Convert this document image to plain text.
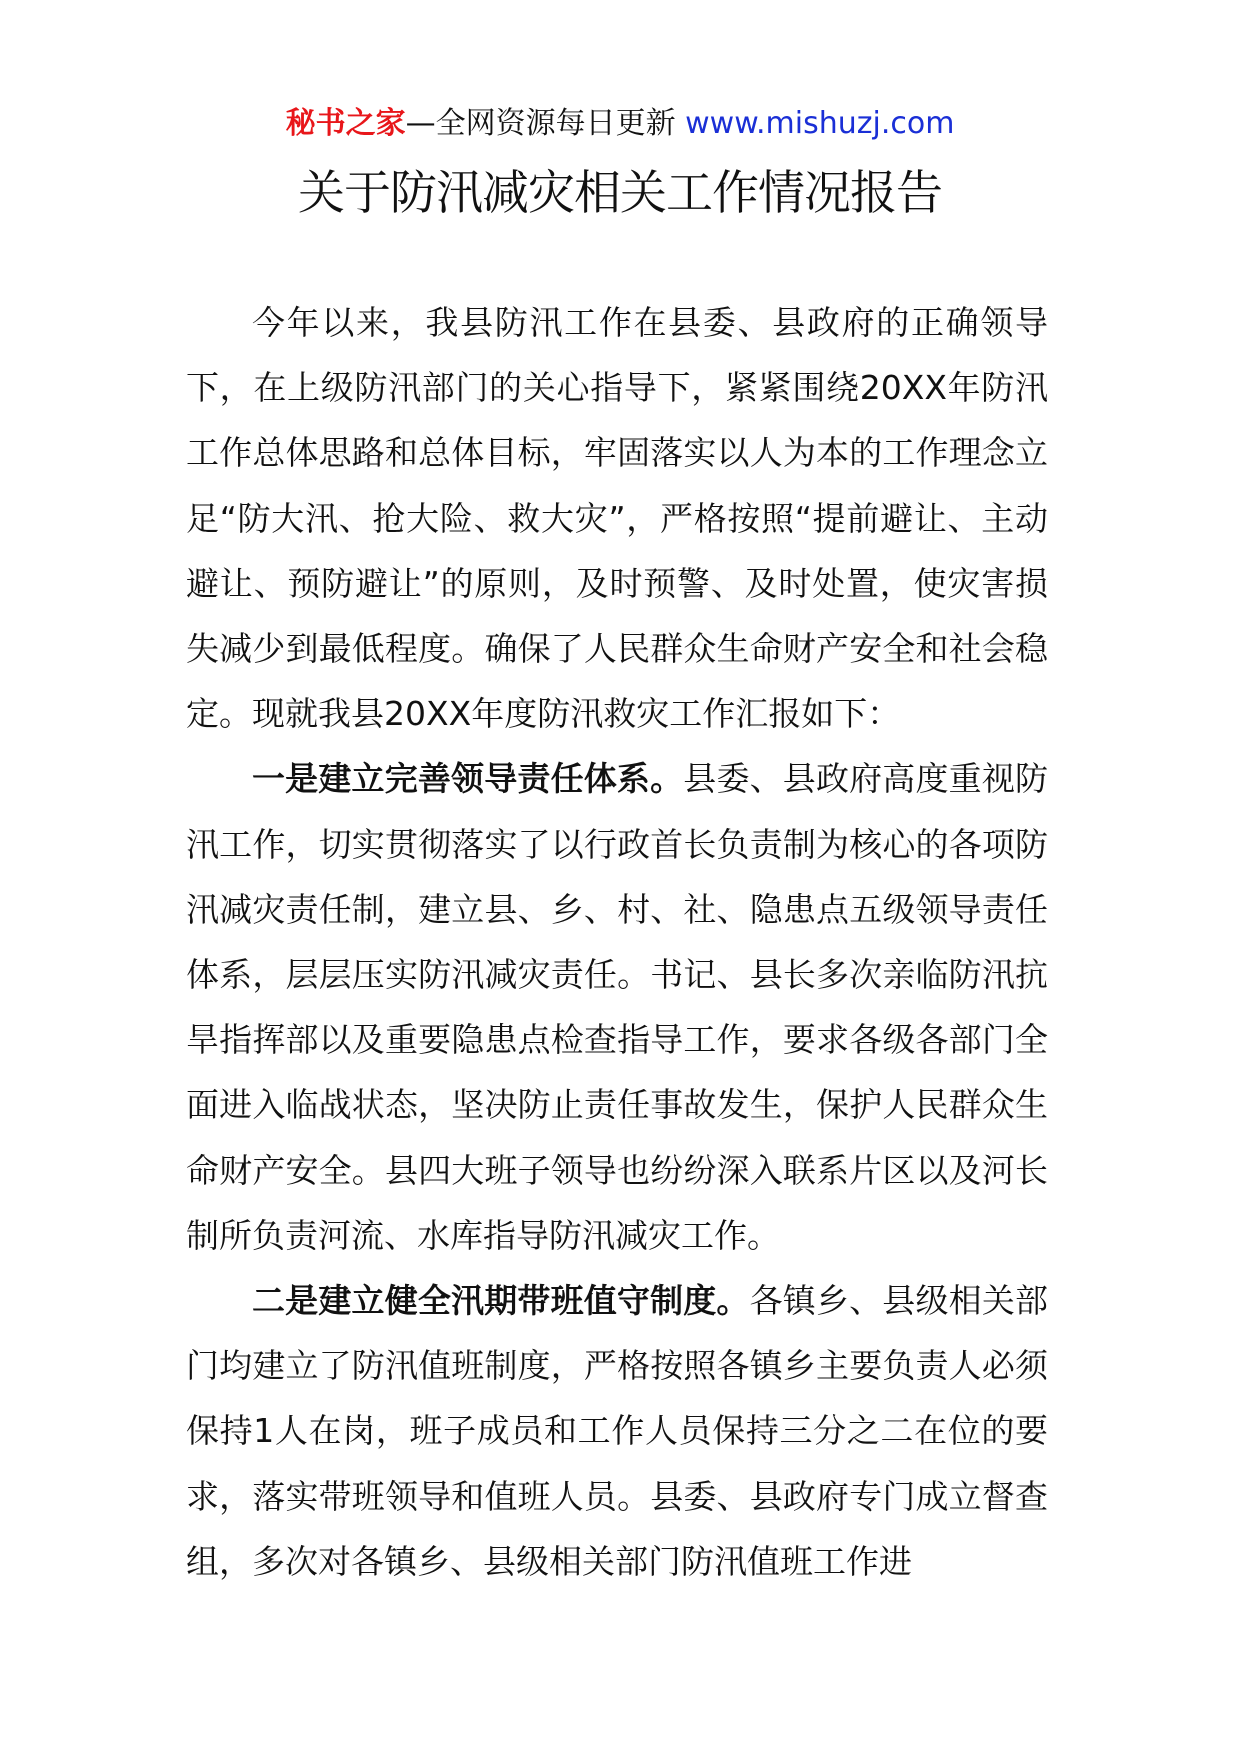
秘书之家—全网资源每日更新 www.mishuzj.com
关于防汛减灾相关工作情况报告

今年以来，我县防汛工作在县委、县政府的正确领导下，在上级防汛部门的关心指导下，紧紧围绕20XX年防汛工作总体思路和总体目标，牢固落实以人为本的工作理念立足“防大汛、抢大险、救大灾”，严格按照“提前避让、主动避让、预防避让”的原则，及时预警、及时处置，使灾害损失减少到最低程度。确保了人民群众生命财产安全和社会稳定。现就我县20XX年度防汛救灾工作汇报如下：

一是建立完善领导责任体系。县委、县政府高度重视防汛工作，切实贯彻落实了以行政首长负责制为核心的各项防汛减灾责任制，建立县、乡、村、社、隐患点五级领导责任体系，层层压实防汛减灾责任。书记、县长多次亲临防汛抗旱指挥部以及重要隐患点检查指导工作，要求各级各部门全面进入临战状态，坚决防止责任事故发生，保护人民群众生命财产安全。县四大班子领导也纷纷深入联系片区以及河长制所负责河流、水库指导防汛减灾工作。

二是建立健全汛期带班值守制度。各镇乡、县级相关部门均建立了防汛值班制度，严格按照各镇乡主要负责人必须保持1人在岗，班子成员和工作人员保持三分之二在位的要求，落实带班领导和值班人员。县委、县政府专门成立督查组，多次对各镇乡、县级相关部门防汛值班工作进
